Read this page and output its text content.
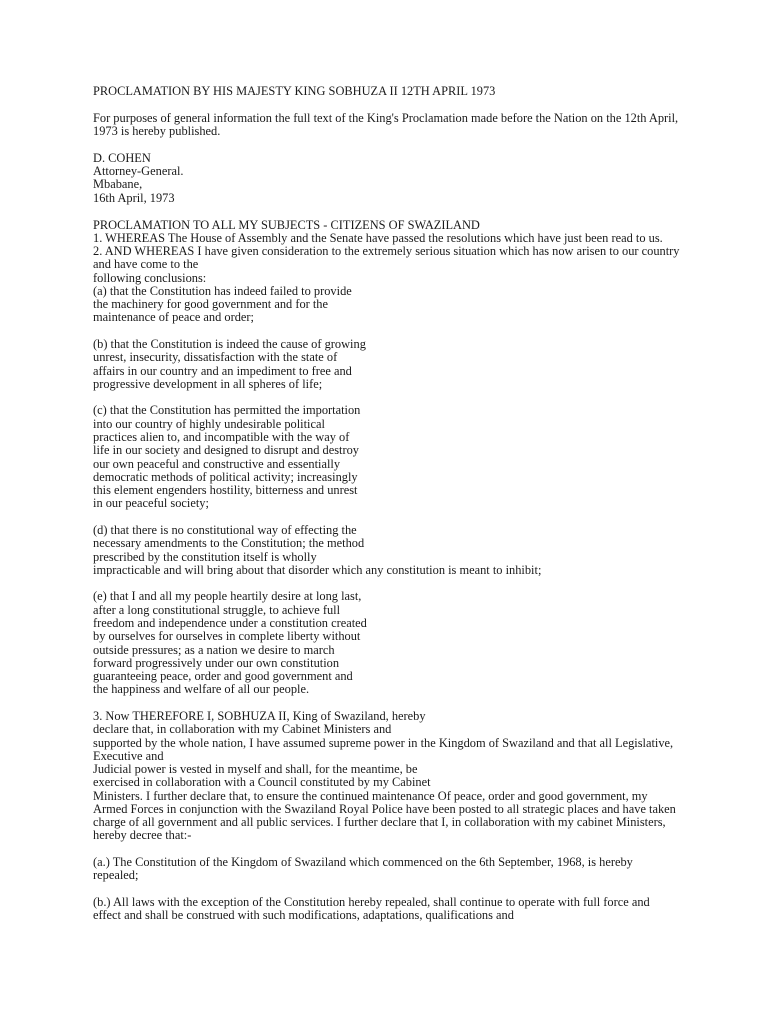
PROCLAMATION BY HIS MAJESTY KING SOBHUZA II 12TH APRIL 1973

For purposes of general information the full text of the King's Proclamation made before the Nation on the 12th April,

1973 is hereby published.

D. COHEN

Attorney-General.

Mbabane,

16th April, 1973

PROCLAMATION TO ALL MY SUBJECTS - CITIZENS OF SWAZILAND

1. WHEREAS The House of Assembly and the Senate have passed the resolutions which have just been read to us.

2. AND WHEREAS I have given consideration to the extremely serious situation which has now arisen to our country

and have come to the

following conclusions:

(a) that the Constitution has indeed failed to provide

the machinery for good government and for the

maintenance of peace and order;

(b) that the Constitution is indeed the cause of growing

unrest, insecurity, dissatisfaction with the state of

affairs in our country and an impediment to free and

progressive development in all spheres of life;

(c) that the Constitution has permitted the importation

into our country of highly undesirable political

practices alien to, and incompatible with the way of

life in our society and designed to disrupt and destroy

our own peaceful and constructive and essentially

democratic methods of political activity; increasingly

this element engenders hostility, bitterness and unrest

in our peaceful society;

(d) that there is no constitutional way of effecting the

necessary amendments to the Constitution; the method

prescribed by the constitution itself is wholly

impracticable and will bring about that disorder which any constitution is meant to inhibit;

(e) that I and all my people heartily desire at long last,

after a long constitutional struggle, to achieve full

freedom and independence under a constitution created

by ourselves for ourselves in complete liberty without

outside pressures; as a nation we desire to march

forward progressively under our own constitution

guaranteeing peace, order and good government and

the happiness and welfare of all our people.

3. Now THEREFORE I, SOBHUZA II, King of Swaziland, hereby

declare that, in collaboration with my Cabinet Ministers and

supported by the whole nation, I have assumed supreme power in the Kingdom of Swaziland and that all Legislative,

Executive and

Judicial power is vested in myself and shall, for the meantime, be

exercised in collaboration with a Council constituted by my Cabinet

Ministers. I further declare that, to ensure the continued maintenance Of peace, order and good government, my

Armed Forces in conjunction with the Swaziland Royal Police have been posted to all strategic places and have taken

charge of all government and all public services. I further declare that I, in collaboration with my cabinet Ministers,

hereby decree that:-

(a.) The Constitution of the Kingdom of Swaziland which commenced on the 6th September, 1968, is hereby

repealed;

(b.) All laws with the exception of the Constitution hereby repealed, shall continue to operate with full force and

effect and shall be construed with such modifications, adaptations, qualifications and
